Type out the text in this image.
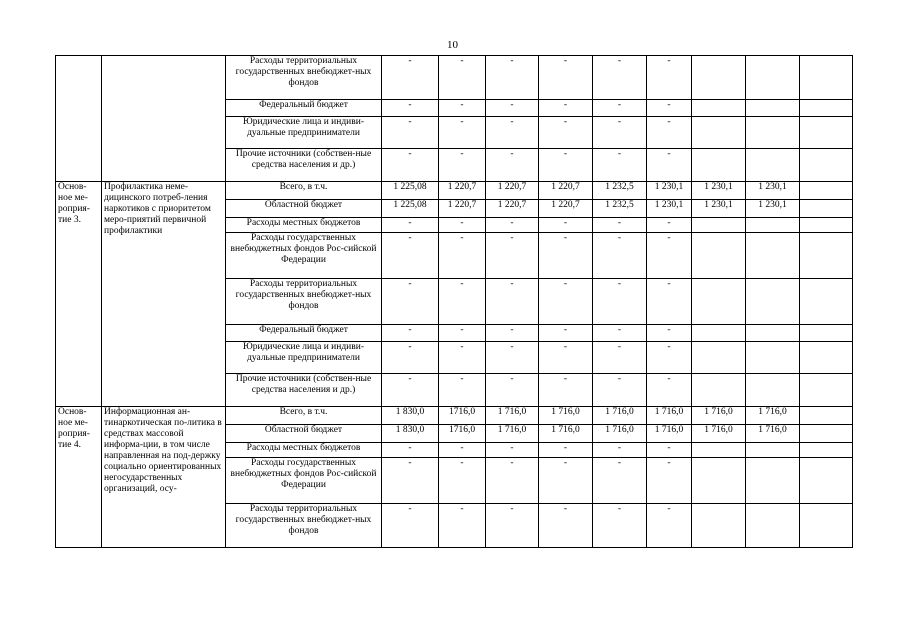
10
		Расходы территориальных государственных внебюджет-ных фондов	-	-	-	-	-	-				
		Федеральный бюджет	-	-	-	-	-	-				
		Юридические лица и индиви-дуальные предприниматели	-	-	-	-	-	-				
		Прочие источники (собствен-ные средства населения и др.)	-	-	-	-	-	-				
Основ-ное ме-роприя-тие 3.	Профилактика неме-дицинского потреб-ления наркотиков с приоритетом меро-приятий первичной профилактики	Всего, в т.ч.	1 225,08	1 220,7	1 220,7	1 220,7	1 232,5	1 230,1	1 230,1	1 230,1		
		Областной бюджет	1 225,08	1 220,7	1 220,7	1 220,7	1 232,5	1 230,1	1 230,1	1 230,1		
		Расходы местных бюджетов	-	-	-	-	-	-				
		Расходы государственных внебюджетных фондов Рос-сийской Федерации	-	-	-	-	-	-				
		Расходы территориальных государственных внебюджет-ных фондов	-	-	-	-	-	-				
		Федеральный бюджет	-	-	-	-	-	-				
		Юридические лица и индиви-дуальные предприниматели	-	-	-	-	-	-				
		Прочие источники (собствен-ные средства населения и др.)	-	-	-	-	-	-				
Основ-ное ме-роприя-тие 4.	Информационная ан-тинаркотическая по-литика в средствах массовой информа-ции, в том числе направленная на под-держку социально ориентированных негосударственных организаций, осу-	Всего, в т.ч.	1 830,0	1716,0	1 716,0	1 716,0	1 716,0	1 716,0	1 716,0	1 716,0		
		Областной бюджет	1 830,0	1716,0	1 716,0	1 716,0	1 716,0	1 716,0	1 716,0	1 716,0		
		Расходы местных бюджетов	-	-	-	-	-	-				
		Расходы государственных внебюджетных фондов Рос-сийской Федерации	-	-	-	-	-	-				
		Расходы территориальных государственных внебюджет-ных фондов	-	-	-	-	-	-				
